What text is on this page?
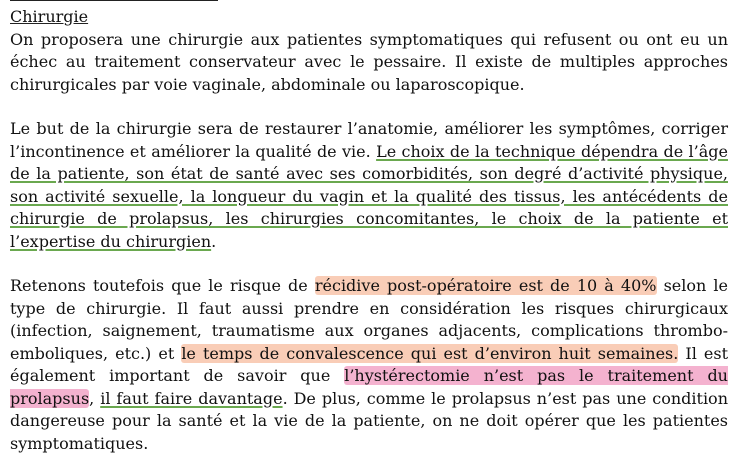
Chirurgie

On proposera une chirurgie aux patientes symptomatiques qui refusent ou ont eu un échec au traitement conservateur avec le pessaire. Il existe de multiples approches chirurgicales par voie vaginale, abdominale ou laparoscopique.

Le but de la chirurgie sera de restaurer l’anatomie, améliorer les symptômes, corriger l’incontinence et améliorer la qualité de vie. Le choix de la technique dépendra de l’âge de la patiente, son état de santé avec ses comorbidités, son degré d’activité physique, son activité sexuelle, la longueur du vagin et la qualité des tissus, les antécédents de chirurgie de prolapsus, les chirurgies concomitantes, le choix de la patiente et l’expertise du chirurgien.

Retenons toutefois que le risque de récidive post-opératoire est de 10 à 40% selon le type de chirurgie. Il faut aussi prendre en considération les risques chirurgicaux (infection, saignement, traumatisme aux organes adjacents, complications thrombo-emboliques, etc.) et le temps de convalescence qui est d’environ huit semaines. Il est également important de savoir que l’hystérectomie n’est pas le traitement du prolapsus, il faut faire davantage. De plus, comme le prolapsus n’est pas une condition dangereuse pour la santé et la vie de la patiente, on ne doit opérer que les patientes symptomatiques.
